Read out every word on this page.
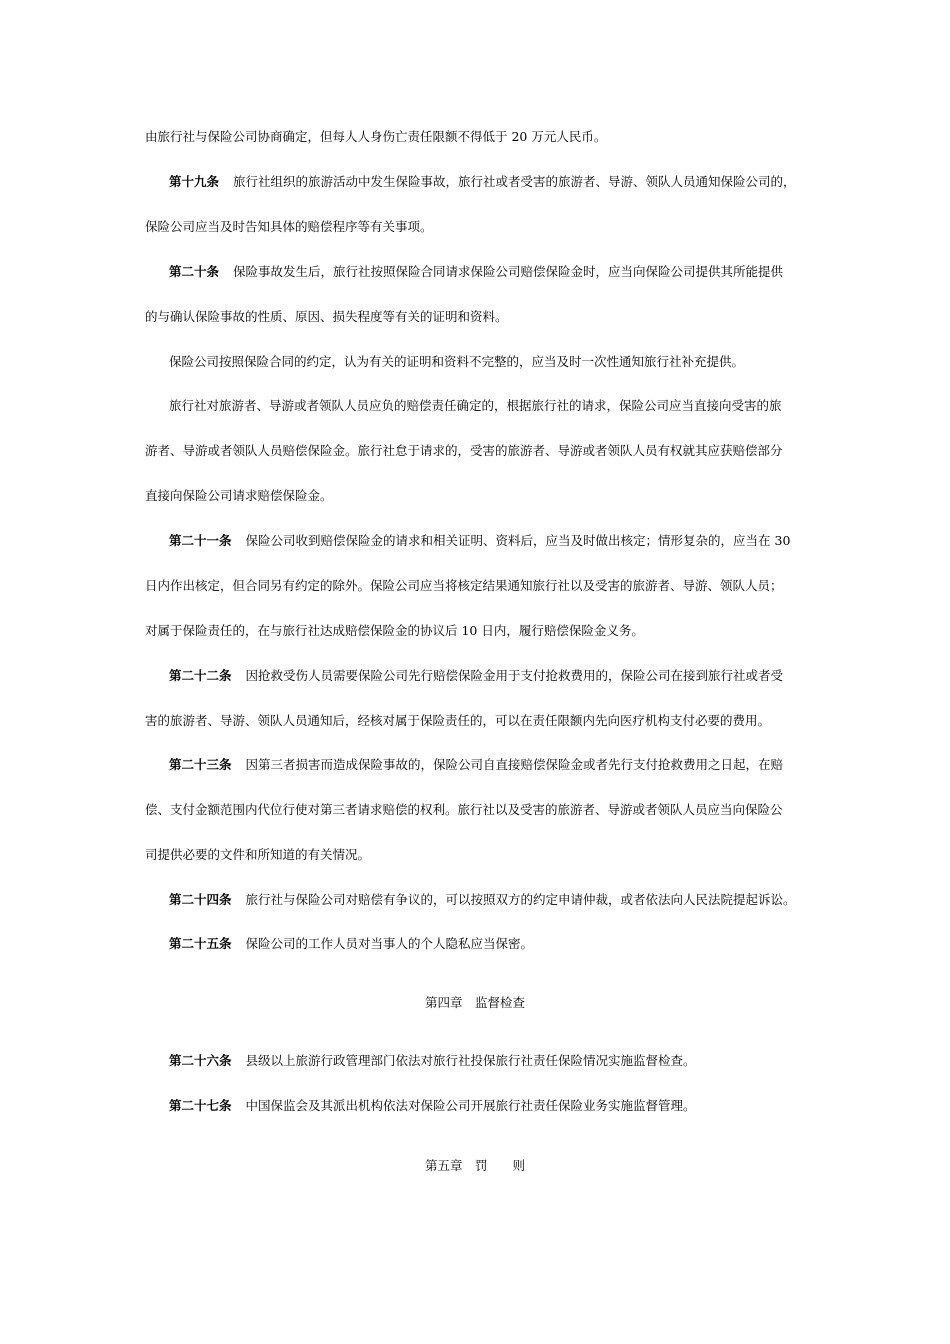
由旅行社与保险公司协商确定，但每人人身伤亡责任限额不得低于 20 万元人民币。
第十九条 旅行社组织的旅游活动中发生保险事故，旅行社或者受害的旅游者、导游、领队人员通知保险公司的，
保险公司应当及时告知具体的赔偿程序等有关事项。
第二十条 保险事故发生后，旅行社按照保险合同请求保险公司赔偿保险金时，应当向保险公司提供其所能提供
的与确认保险事故的性质、原因、损失程度等有关的证明和资料。
保险公司按照保险合同的约定，认为有关的证明和资料不完整的，应当及时一次性通知旅行社补充提供。
旅行社对旅游者、导游或者领队人员应负的赔偿责任确定的，根据旅行社的请求，保险公司应当直接向受害的旅
游者、导游或者领队人员赔偿保险金。旅行社怠于请求的，受害的旅游者、导游或者领队人员有权就其应获赔偿部分
直接向保险公司请求赔偿保险金。
第二十一条 保险公司收到赔偿保险金的请求和相关证明、资料后，应当及时做出核定；情形复杂的，应当在 30
日内作出核定，但合同另有约定的除外。保险公司应当将核定结果通知旅行社以及受害的旅游者、导游、领队人员；
对属于保险责任的，在与旅行社达成赔偿保险金的协议后 10 日内，履行赔偿保险金义务。
第二十二条 因抢救受伤人员需要保险公司先行赔偿保险金用于支付抢救费用的，保险公司在接到旅行社或者受
害的旅游者、导游、领队人员通知后，经核对属于保险责任的，可以在责任限额内先向医疗机构支付必要的费用。
第二十三条 因第三者损害而造成保险事故的，保险公司自直接赔偿保险金或者先行支付抢救费用之日起，在赔
偿、支付金额范围内代位行使对第三者请求赔偿的权利。旅行社以及受害的旅游者、导游或者领队人员应当向保险公
司提供必要的文件和所知道的有关情况。
第二十四条 旅行社与保险公司对赔偿有争议的，可以按照双方的约定申请仲裁，或者依法向人民法院提起诉讼。
第二十五条 保险公司的工作人员对当事人的个人隐私应当保密。
第四章　监督检查
第二十六条 县级以上旅游行政管理部门依法对旅行社投保旅行社责任保险情况实施监督检查。
第二十七条 中国保监会及其派出机构依法对保险公司开展旅行社责任保险业务实施监督管理。
第五章　罚　　则
